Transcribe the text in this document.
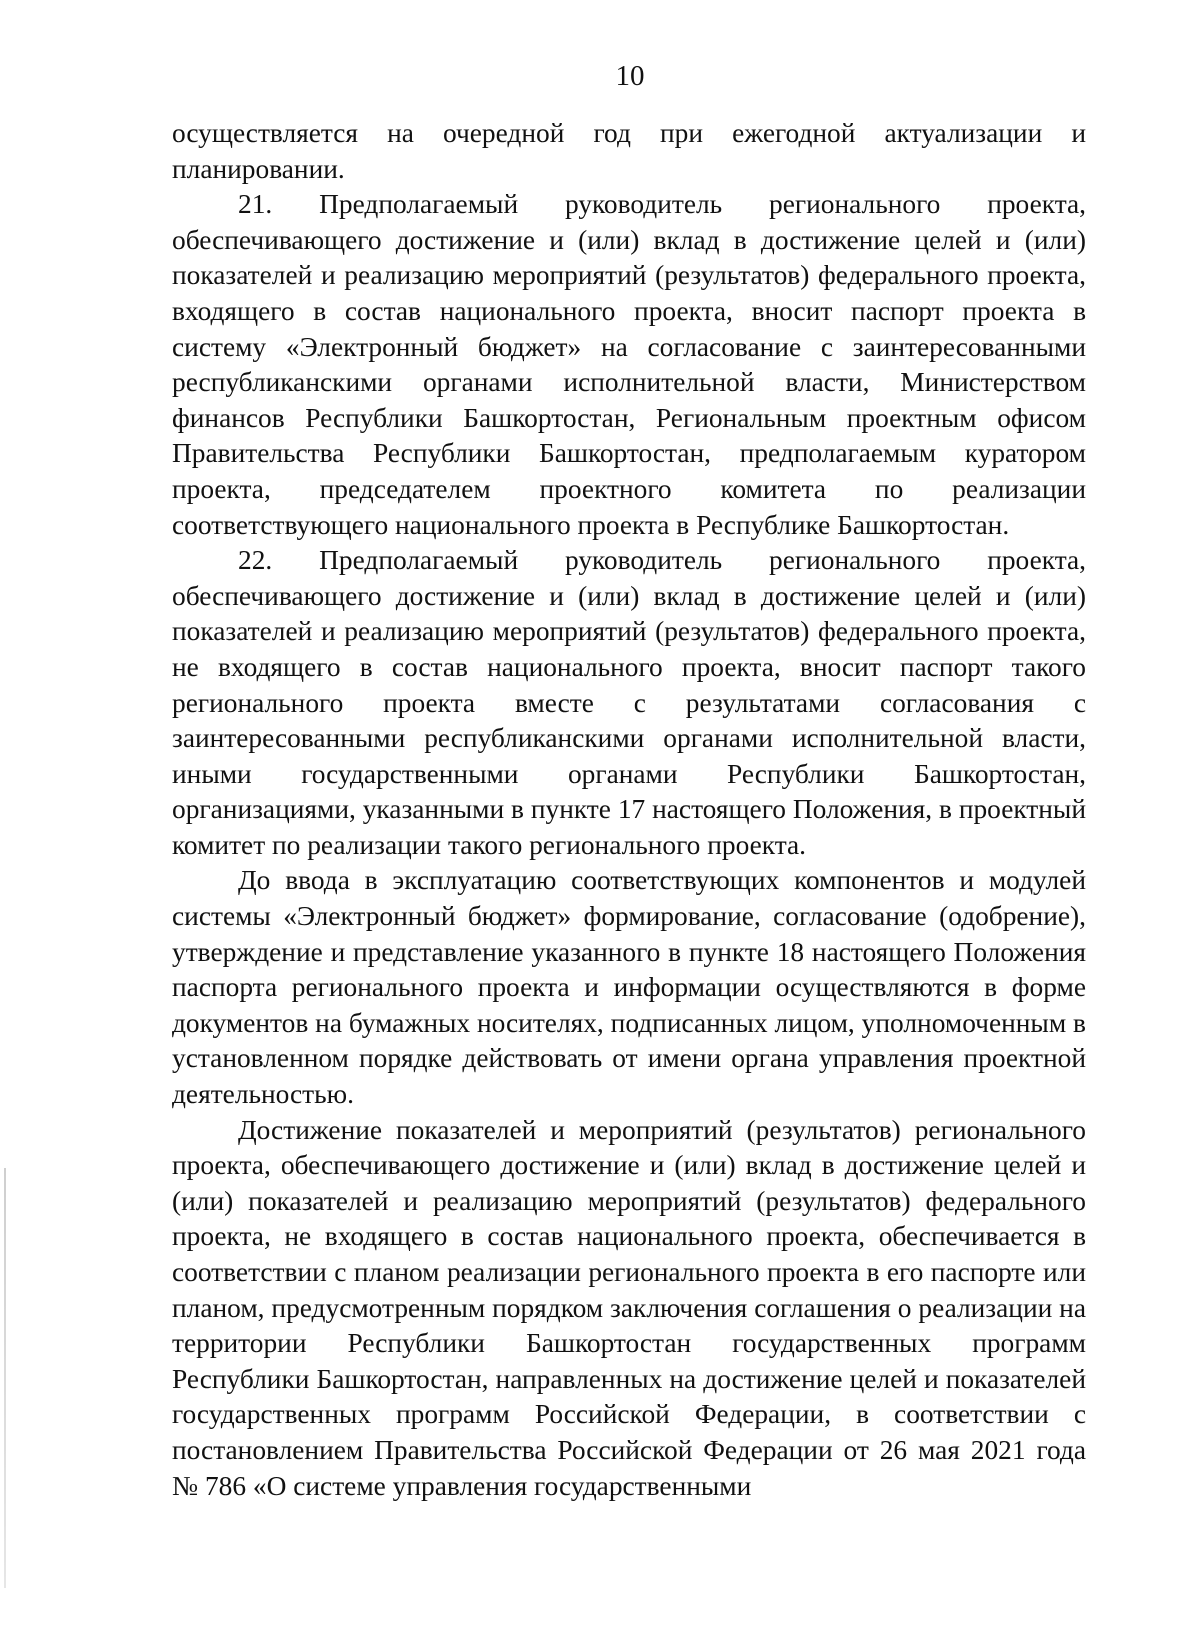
10

осуществляется на очередной год при ежегодной актуализации и планировании.

21. Предполагаемый руководитель регионального проекта, обеспечивающего достижение и (или) вклад в достижение целей и (или) показателей и реализацию мероприятий (результатов) федерального проекта, входящего в состав национального проекта, вносит паспорт проекта в систему «Электронный бюджет» на согласование с заинтересованными республиканскими органами исполнительной власти, Министерством финансов Республики Башкортостан, Региональным проектным офисом Правительства Республики Башкортостан, предполагаемым куратором проекта, председателем проектного комитета по реализации соответствующего национального проекта в Республике Башкортостан.

22. Предполагаемый руководитель регионального проекта, обеспечивающего достижение и (или) вклад в достижение целей и (или) показателей и реализацию мероприятий (результатов) федерального проекта, не входящего в состав национального проекта, вносит паспорт такого регионального проекта вместе с результатами согласования с заинтересованными республиканскими органами исполнительной власти, иными государственными органами Республики Башкортостан, организациями, указанными в пункте 17 настоящего Положения, в проектный комитет по реализации такого регионального проекта.

До ввода в эксплуатацию соответствующих компонентов и модулей системы «Электронный бюджет» формирование, согласование (одобрение), утверждение и представление указанного в пункте 18 настоящего Положения паспорта регионального проекта и информации осуществляются в форме документов на бумажных носителях, подписанных лицом, уполномоченным в установленном порядке действовать от имени органа управления проектной деятельностью.

Достижение показателей и мероприятий (результатов) регионального проекта, обеспечивающего достижение и (или) вклад в достижение целей и (или) показателей и реализацию мероприятий (результатов) федерального проекта, не входящего в состав национального проекта, обеспечивается в соответствии с планом реализации регионального проекта в его паспорте или планом, предусмотренным порядком заключения соглашения о реализации на территории Республики Башкортостан государственных программ Республики Башкортостан, направленных на достижение целей и показателей государственных программ Российской Федерации, в соответствии с постановлением Правительства Российской Федерации от 26 мая 2021 года № 786 «О системе управления государственными
